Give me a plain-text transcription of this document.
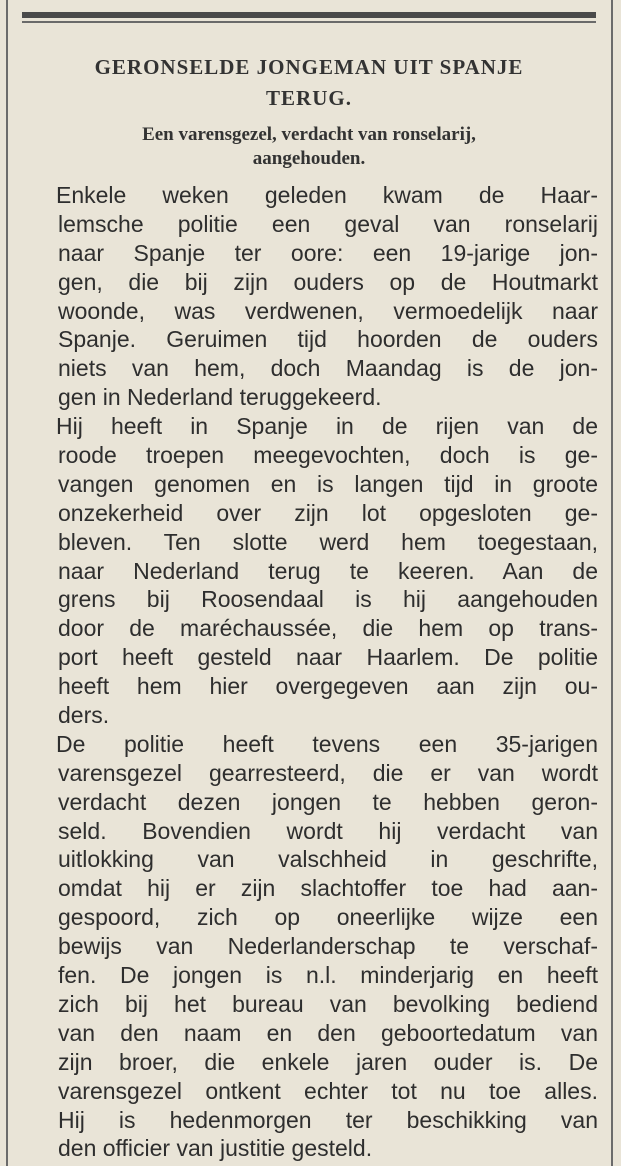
GERONSELDE JONGEMAN UIT SPANJE
TERUG.
Een varensgezel, verdacht van ronselarij,
aangehouden.
Enkele weken geleden kwam de Haar-
lemsche politie een geval van ronselarij
naar Spanje ter oore: een 19-jarige jon-
gen, die bij zijn ouders op de Houtmarkt
woonde, was verdwenen, vermoedelijk naar
Spanje. Geruimen tijd hoorden de ouders
niets van hem, doch Maandag is de jon-
gen in Nederland teruggekeerd.
Hij heeft in Spanje in de rijen van de
roode troepen meegevochten, doch is ge-
vangen genomen en is langen tijd in groote
onzekerheid over zijn lot opgesloten ge-
bleven. Ten slotte werd hem toegestaan,
naar Nederland terug te keeren. Aan de
grens bij Roosendaal is hij aangehouden
door de maréchaussée, die hem op trans-
port heeft gesteld naar Haarlem. De politie
heeft hem hier overgegeven aan zijn ou-
ders.
De politie heeft tevens een 35-jarigen
varensgezel gearresteerd, die er van wordt
verdacht dezen jongen te hebben geron-
seld. Bovendien wordt hij verdacht van
uitlokking van valschheid in geschrifte,
omdat hij er zijn slachtoffer toe had aan-
gespoord, zich op oneerlijke wijze een
bewijs van Nederlanderschap te verschaf-
fen. De jongen is n.l. minderjarig en heeft
zich bij het bureau van bevolking bediend
van den naam en den geboortedatum van
zijn broer, die enkele jaren ouder is. De
varensgezel ontkent echter tot nu toe alles.
Hij is hedenmorgen ter beschikking van
den officier van justitie gesteld.
